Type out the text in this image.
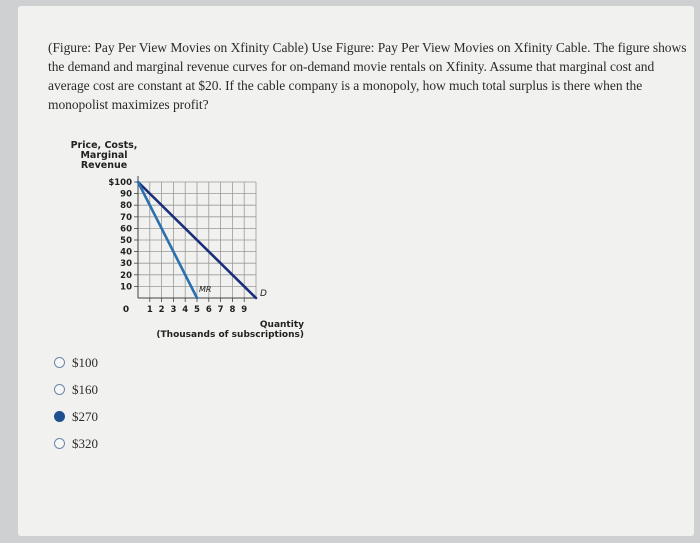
(Figure: Pay Per View Movies on Xfinity Cable) Use Figure: Pay Per View Movies on Xfinity Cable. The figure shows the demand and marginal revenue curves for on-demand movie rentals on Xfinity. Assume that marginal cost and average cost are constant at $20. If the cable company is a monopoly, how much total surplus is there when the monopolist maximizes profit?
Price, Costs,
Marginal
Revenue
$100
90
80
70
60
50
40
30
20
10
1 2 3 4 5 6 7 8 9
0
D
MR
Quantity
(Thousands of subscriptions)
$100
$160
$270
$320
